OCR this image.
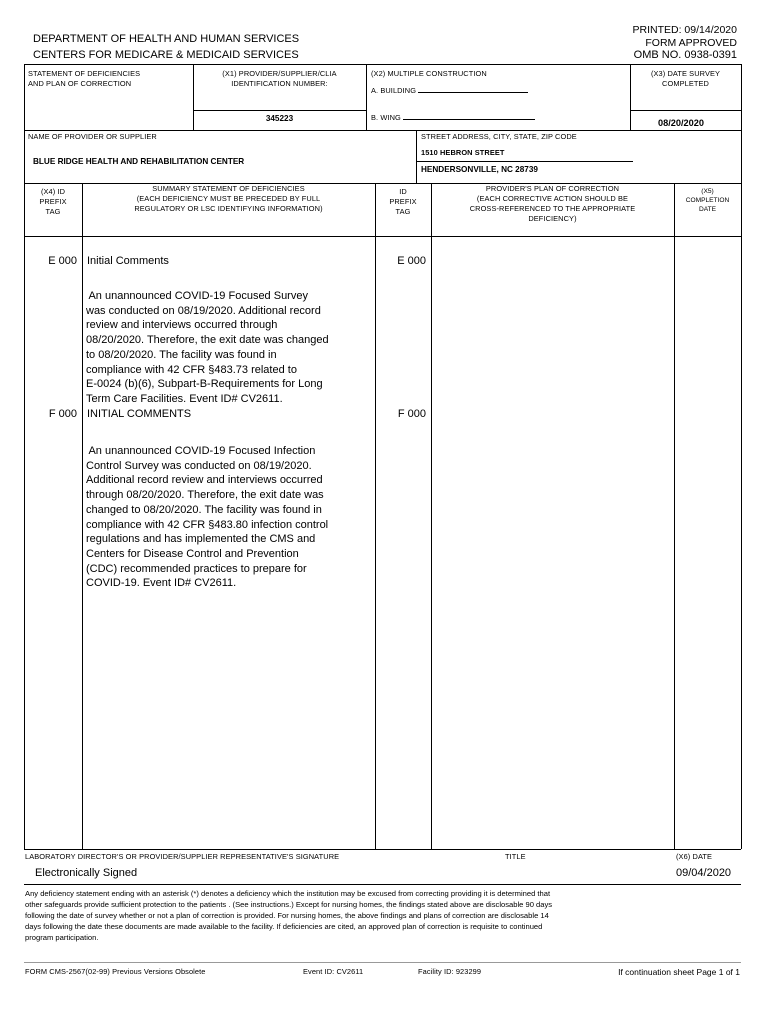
DEPARTMENT OF HEALTH AND HUMAN SERVICES
CENTERS FOR MEDICARE & MEDICAID SERVICES
PRINTED: 09/14/2020
FORM APPROVED
OMB NO. 0938-0391
STATEMENT OF DEFICIENCIES
AND PLAN OF CORRECTION
(X1) PROVIDER/SUPPLIER/CLIA
IDENTIFICATION NUMBER:
345223
(X2) MULTIPLE CONSTRUCTION
A. BUILDING
B. WING
(X3) DATE SURVEY
COMPLETED
08/20/2020
NAME OF PROVIDER OR SUPPLIER
BLUE RIDGE HEALTH AND REHABILITATION CENTER
STREET ADDRESS, CITY, STATE, ZIP CODE
1510 HEBRON STREET
HENDERSONVILLE, NC 28739
(X4) ID
PREFIX
TAG
SUMMARY STATEMENT OF DEFICIENCIES
(EACH DEFICIENCY MUST BE PRECEDED BY FULL
REGULATORY OR LSC IDENTIFYING INFORMATION)
ID
PREFIX
TAG
PROVIDER'S PLAN OF CORRECTION
(EACH CORRECTIVE ACTION SHOULD BE
CROSS-REFERENCED TO THE APPROPRIATE
DEFICIENCY)
(X5)
COMPLETION
DATE
E 000 Initial Comments	E 000
An unannounced COVID-19 Focused Survey
was conducted on 08/19/2020. Additional record
review and interviews occurred through
08/20/2020. Therefore, the exit date was changed
to 08/20/2020. The facility was found in
compliance with 42 CFR §483.73 related to
E-0024 (b)(6), Subpart-B-Requirements for Long
Term Care Facilities. Event ID# CV2611.
F 000 INITIAL COMMENTS	F 000
An unannounced COVID-19 Focused Infection
Control Survey was conducted on 08/19/2020.
Additional record review and interviews occurred
through 08/20/2020. Therefore, the exit date was
changed to 08/20/2020. The facility was found in
compliance with 42 CFR §483.80 infection control
regulations and has implemented the CMS and
Centers for Disease Control and Prevention
(CDC) recommended practices to prepare for
COVID-19. Event ID# CV2611.
LABORATORY DIRECTOR'S OR PROVIDER/SUPPLIER REPRESENTATIVE'S SIGNATURE	TITLE	(X6) DATE
Electronically Signed	09/04/2020
Any deficiency statement ending with an asterisk (*) denotes a deficiency which the institution may be excused from correcting providing it is determined that
other safeguards provide sufficient protection to the patients . (See instructions.) Except for nursing homes, the findings stated above are disclosable 90 days
following the date of survey whether or not a plan of correction is provided. For nursing homes, the above findings and plans of correction are disclosable 14
days following the date these documents are made available to the facility. If deficiencies are cited, an approved plan of correction is requisite to continued
program participation.
FORM CMS-2567(02-99) Previous Versions Obsolete	Event ID: CV2611	Facility ID: 923299	If continuation sheet Page 1 of 1
